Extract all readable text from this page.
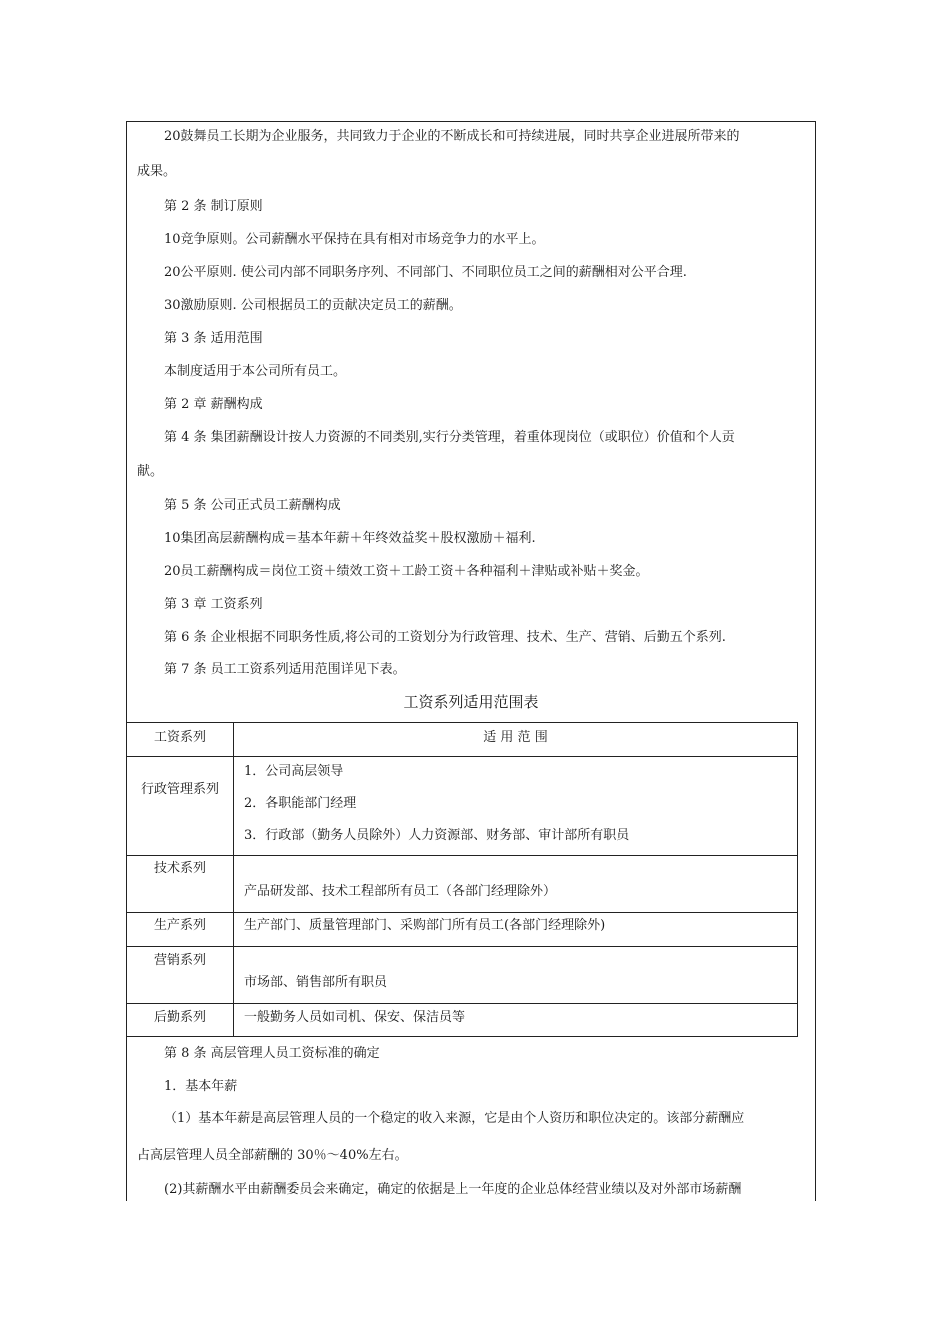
20鼓舞员工长期为企业服务，共同致力于企业的不断成长和可持续进展，同时共享企业进展所带来的
成果。
第 2 条 制订原则
10竞争原则。公司薪酬水平保持在具有相对市场竞争力的水平上。
20公平原则. 使公司内部不同职务序列、不同部门、不同职位员工之间的薪酬相对公平合理.
30激励原则. 公司根据员工的贡献决定员工的薪酬。
第 3 条 适用范围
本制度适用于本公司所有员工。
第 2 章 薪酬构成
第 4 条 集团薪酬设计按人力资源的不同类别,实行分类管理，着重体现岗位（或职位）价值和个人贡
献。
第 5 条 公司正式员工薪酬构成
10集团高层薪酬构成＝基本年薪＋年终效益奖＋股权激励＋福利.
20员工薪酬构成＝岗位工资＋绩效工资＋工龄工资＋各种福利＋津贴或补贴＋奖金。
第 3 章 工资系列
第 6 条 企业根据不同职务性质,将公司的工资划分为行政管理、技术、生产、营销、后勤五个系列.
第 7 条 员工工资系列适用范围详见下表。
工资系列适用范围表
工资系列	适 用 范 围

行政管理系列	1．公司高层领导
2．各职能部门经理
3．行政部（勤务人员除外）人力资源部、财务部、审计部所有职员

技术系列	产品研发部、技术工程部所有员工（各部门经理除外）

生产系列	生产部门、质量管理部门、采购部门所有员工(各部门经理除外)

营销系列	市场部、销售部所有职员

后勤系列	一般勤务人员如司机、保安、保洁员等
第 8 条 高层管理人员工资标准的确定
1．基本年薪
（1）基本年薪是高层管理人员的一个稳定的收入来源，它是由个人资历和职位决定的。该部分薪酬应
占高层管理人员全部薪酬的 30％～40%左右。
(2)其薪酬水平由薪酬委员会来确定，确定的依据是上一年度的企业总体经营业绩以及对外部市场薪酬
